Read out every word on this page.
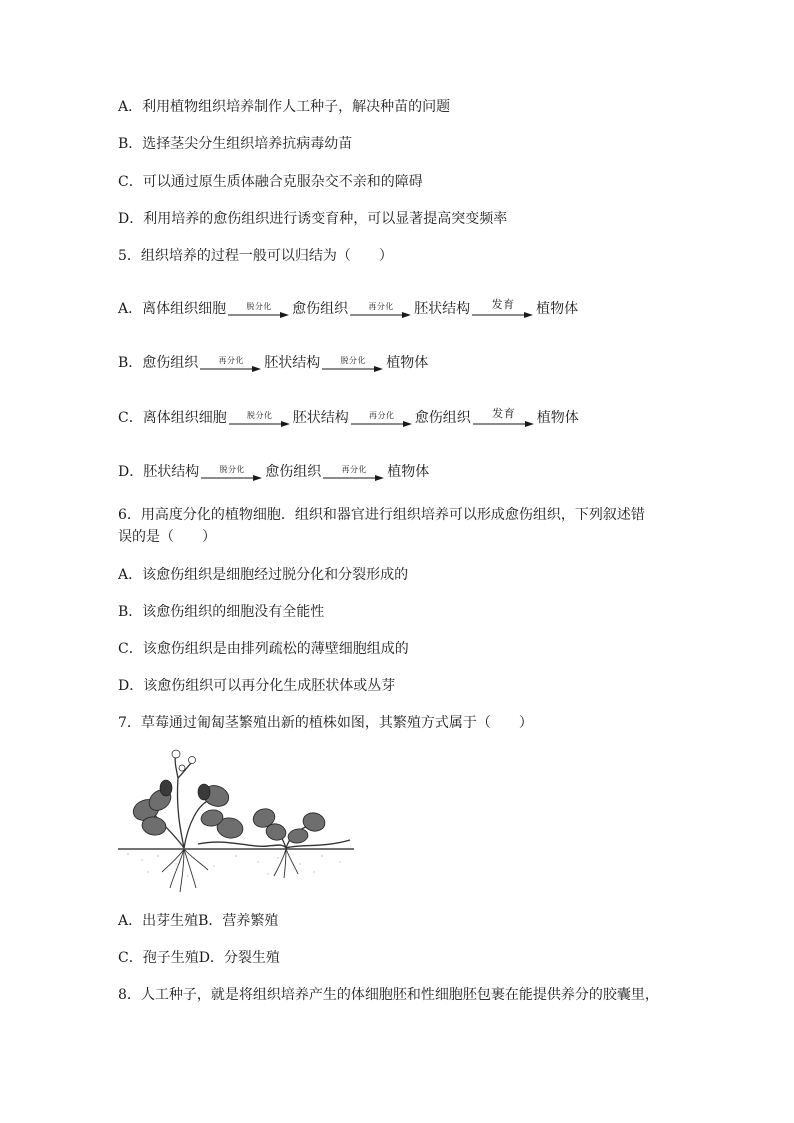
A．利用植物组织培养制作人工种子，解决种苗的问题
B．选择茎尖分生组织培养抗病毒幼苗
C．可以通过原生质体融合克服杂交不亲和的障碍
D．利用培养的愈伤组织进行诱变育种，可以显著提高突变频率
5．组织培养的过程一般可以归结为（　　）
A． 离体组织细胞	脱分化 愈伤组织	再分化 胚状结构 发育 植物体
B． 愈伤组织	再分化 胚状结构	脱分化 植物体
C． 离体组织细胞	脱分化 胚状结构	再分化 愈伤组织 发育 植物体
D． 胚状结构	脱分化 愈伤组织	再分化 植物体
6．用高度分化的植物细胞．组织和器官进行组织培养可以形成愈伤组织，下列叙述错
误的是（　　）
A．该愈伤组织是细胞经过脱分化和分裂形成的
B．该愈伤组织的细胞没有全能性
C．该愈伤组织是由排列疏松的薄壁细胞组成的
D．该愈伤组织可以再分化生成胚状体或丛芽
7．草莓通过匍匐茎繁殖出新的植株如图，其繁殖方式属于（　　）
A．出芽生殖B．营养繁殖
C．孢子生殖D．分裂生殖
8．人工种子，就是将组织培养产生的体细胞胚和性细胞胚包裹在能提供养分的胶囊里，
